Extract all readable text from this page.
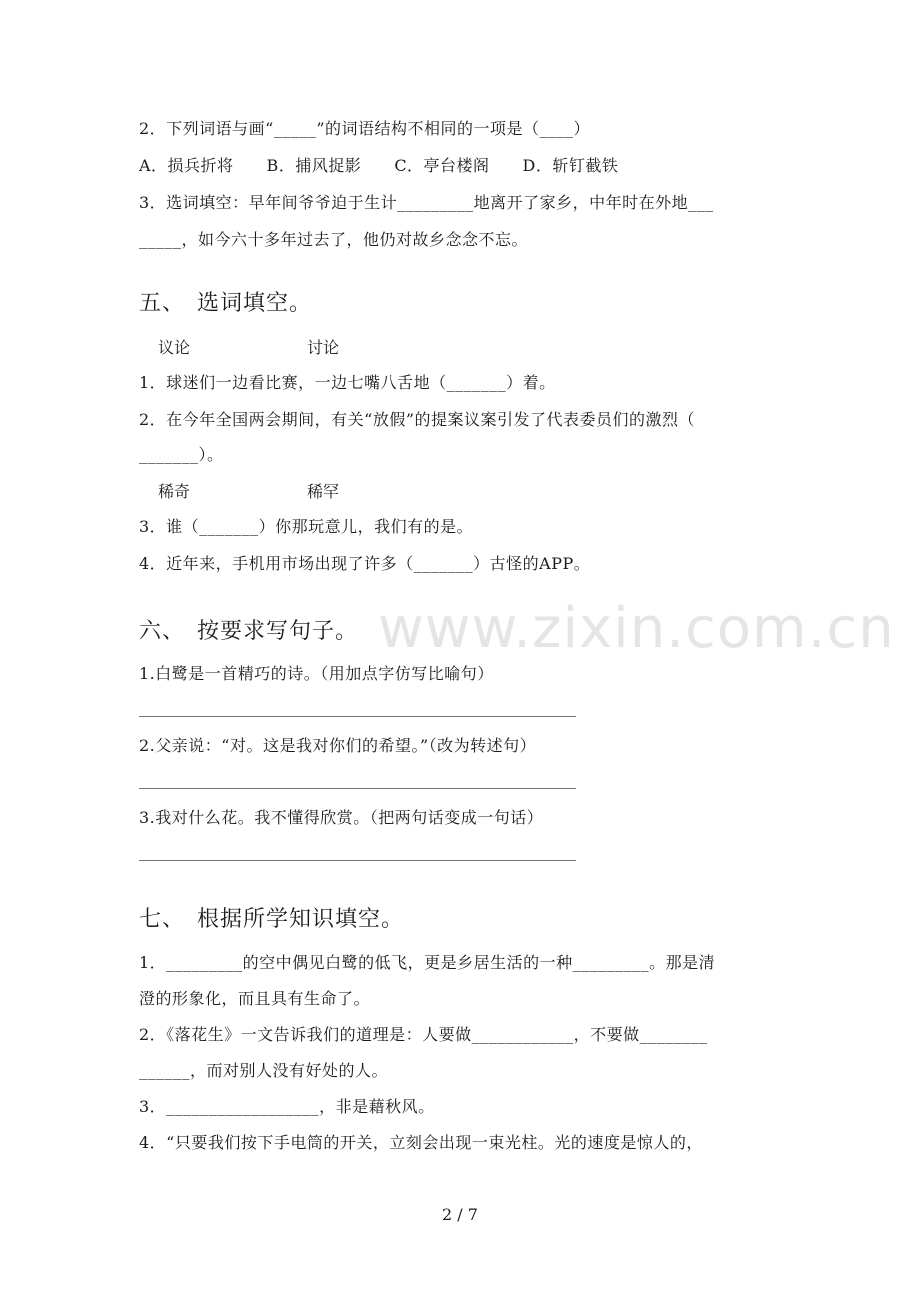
2．下列词语与画“_____”的词语结构不相同的一项是（____）
A．损兵折将　　B．捕风捉影　　C．亭台楼阁　　D．斩钉截铁
3．选词填空：早年间爷爷迫于生计_________地离开了家乡，中年时在外地___
_____，如今六十多年过去了，他仍对故乡念念不忘。
五、　选词填空。
议论	讨论
1．球迷们一边看比赛，一边七嘴八舌地（_______）着。
2．在今年全国两会期间，有关“放假”的提案议案引发了代表委员们的激烈（
_______）。
稀奇	稀罕
3．谁（_______）你那玩意儿，我们有的是。
4．近年来，手机用市场出现了许多（_______）古怪的APP。
六、　按要求写句子。
1.白鹭是一首精巧的诗。（用加点字仿写比喻句）
2.父亲说：“对。这是我对你们的希望。”（改为转述句）
3.我对什么花。我不懂得欣赏。（把两句话变成一句话）
七、　根据所学知识填空。
1．_________的空中偶见白鹭的低飞，更是乡居生活的一种_________。那是清
澄的形象化，而且具有生命了。
2．《落花生》一文告诉我们的道理是：人要做____________，不要做________
______，而对别人没有好处的人。
3．__________________，非是藉秋风。
4．“只要我们按下手电筒的开关，立刻会出现一束光柱。光的速度是惊人的，
www.zixin.com.cn
2 / 7
